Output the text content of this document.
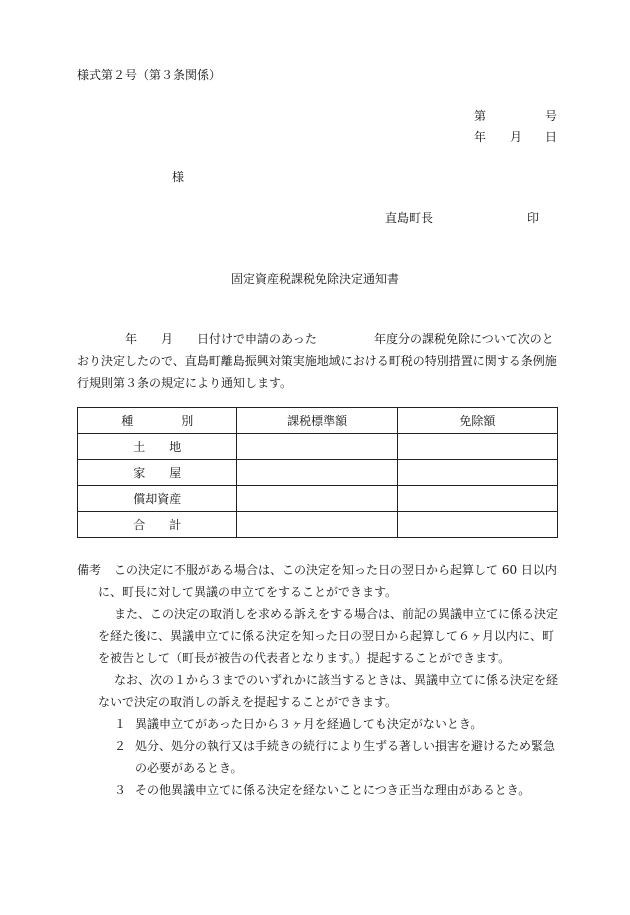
様式第２号（第３条関係）
第	号
年 月 日
様
直島町長	印
固定資産税課税免除決定通知書

年 月 日付けで申請のあった	年度分の課税免除について次のと

おり決定したので、直島町離島振興対策実施地域における町税の特別措置に関する条例施

行規則第３条の規定により通知します。

種　　　　別	課税標準額	免除額
土　　地		
家　　屋		
償却資産		
合　　計		
備考	この決定に不服がある場合は、この決定を知った日の翌日から起算して 60 日以内
に、町長に対して異議の申立てをすることができます。
また、この決定の取消しを求める訴えをする場合は、前記の異議申立てに係る決定
を経た後に、異議申立てに係る決定を知った日の翌日から起算して６ヶ月以内に、町
を被告として（町長が被告の代表者となります。）提起することができます。
なお、次の１から３までのいずれかに該当するときは、異議申立てに係る決定を経
ないで決定の取消しの訴えを提起することができます。
１ 異議申立てがあった日から３ヶ月を経過しても決定がないとき。
２ 処分、処分の執行又は手続きの続行により生ずる著しい損害を避けるため緊急
の必要があるとき。
３ その他異議申立てに係る決定を経ないことにつき正当な理由があるとき。
